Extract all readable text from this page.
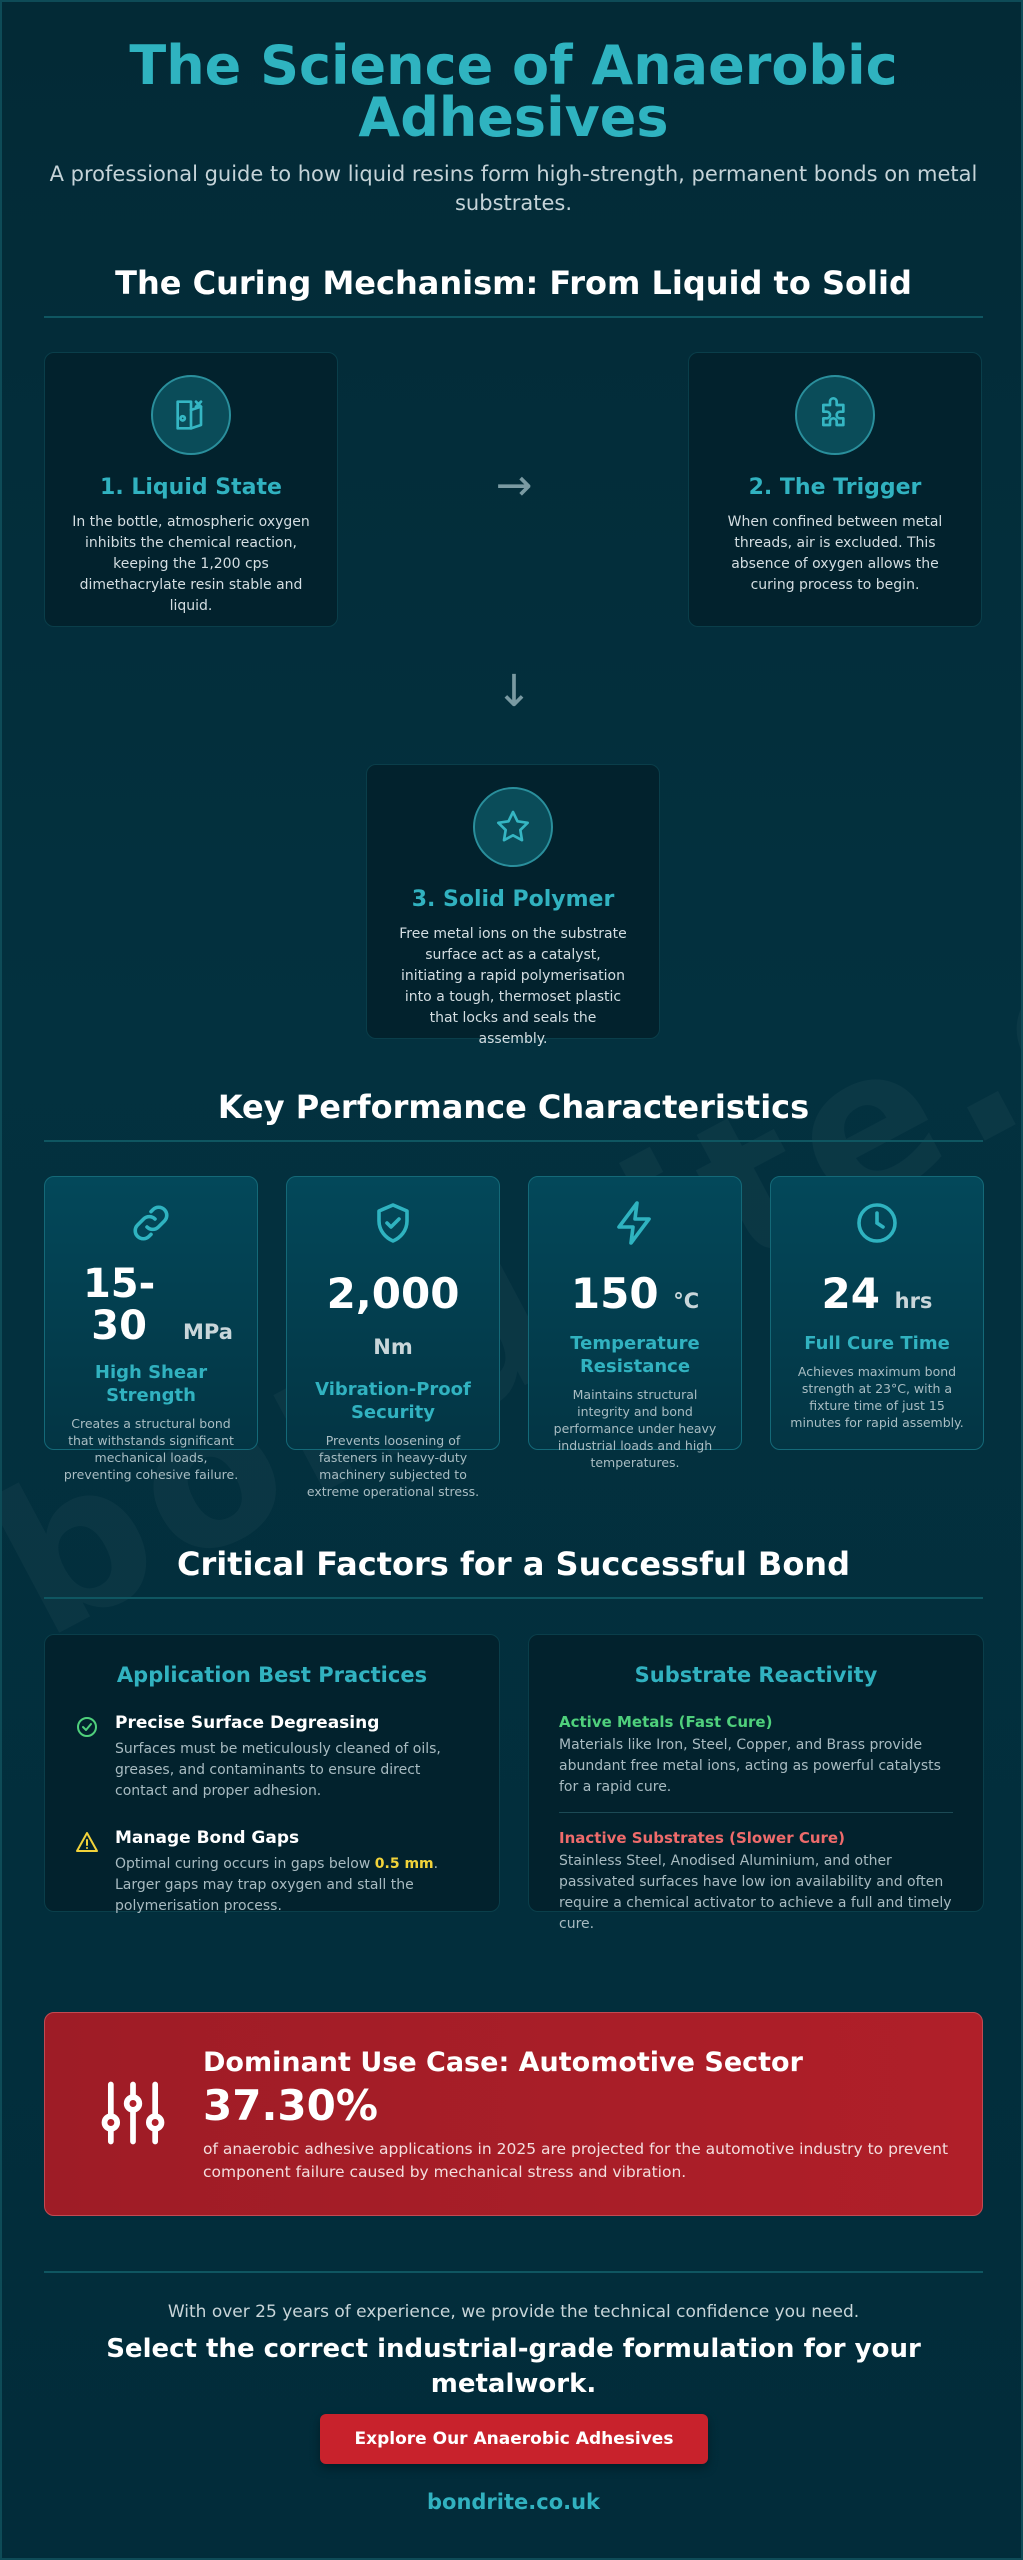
The Science of Anaerobic Adhesives
A professional guide to how liquid resins form high-strength, permanent bonds on metal substrates.
The Curing Mechanism: From Liquid to Solid
1. Liquid State
In the bottle, atmospheric oxygen inhibits the chemical reaction, keeping the 1,200 cps dimethacrylate resin stable and liquid.
→	2. The Trigger
When confined between metal threads, air is excluded. This absence of oxygen allows the curing process to begin.
↓
3. Solid Polymer
Free metal ions on the substrate surface act as a catalyst, initiating a rapid polymerisation into a tough, thermoset plastic that locks and seals the assembly.
Key Performance Characteristics
15-30 MPa
High Shear Strength
Creates a structural bond that withstands significant mechanical loads, preventing cohesive failure.
2,000 Nm
Vibration-Proof Security
Prevents loosening of fasteners in heavy-duty machinery subjected to extreme operational stress.
150 °C
Temperature Resistance
Maintains structural integrity and bond performance under heavy industrial loads and high temperatures.
24 hrs
Full Cure Time
Achieves maximum bond strength at 23°C, with a fixture time of just 15 minutes for rapid assembly.
Critical Factors for a Successful Bond
Application Best Practices
Precise Surface Degreasing
Surfaces must be meticulously cleaned of oils, greases, and contaminants to ensure direct contact and proper adhesion.
Manage Bond Gaps
Optimal curing occurs in gaps below 0.5 mm. Larger gaps may trap oxygen and stall the polymerisation process.
Substrate Reactivity
Active Metals (Fast Cure)
Materials like Iron, Steel, Copper, and Brass provide abundant free metal ions, acting as powerful catalysts for a rapid cure.
Inactive Substrates (Slower Cure)
Stainless Steel, Anodised Aluminium, and other passivated surfaces have low ion availability and often require a chemical activator to achieve a full and timely cure.
Dominant Use Case: Automotive Sector
37.30%
of anaerobic adhesive applications in 2025 are projected for the automotive industry to prevent component failure caused by mechanical stress and vibration.
With over 25 years of experience, we provide the technical confidence you need.
Select the correct industrial-grade formulation for your metalwork.
Explore Our Anaerobic Adhesives
bondrite.co.uk
